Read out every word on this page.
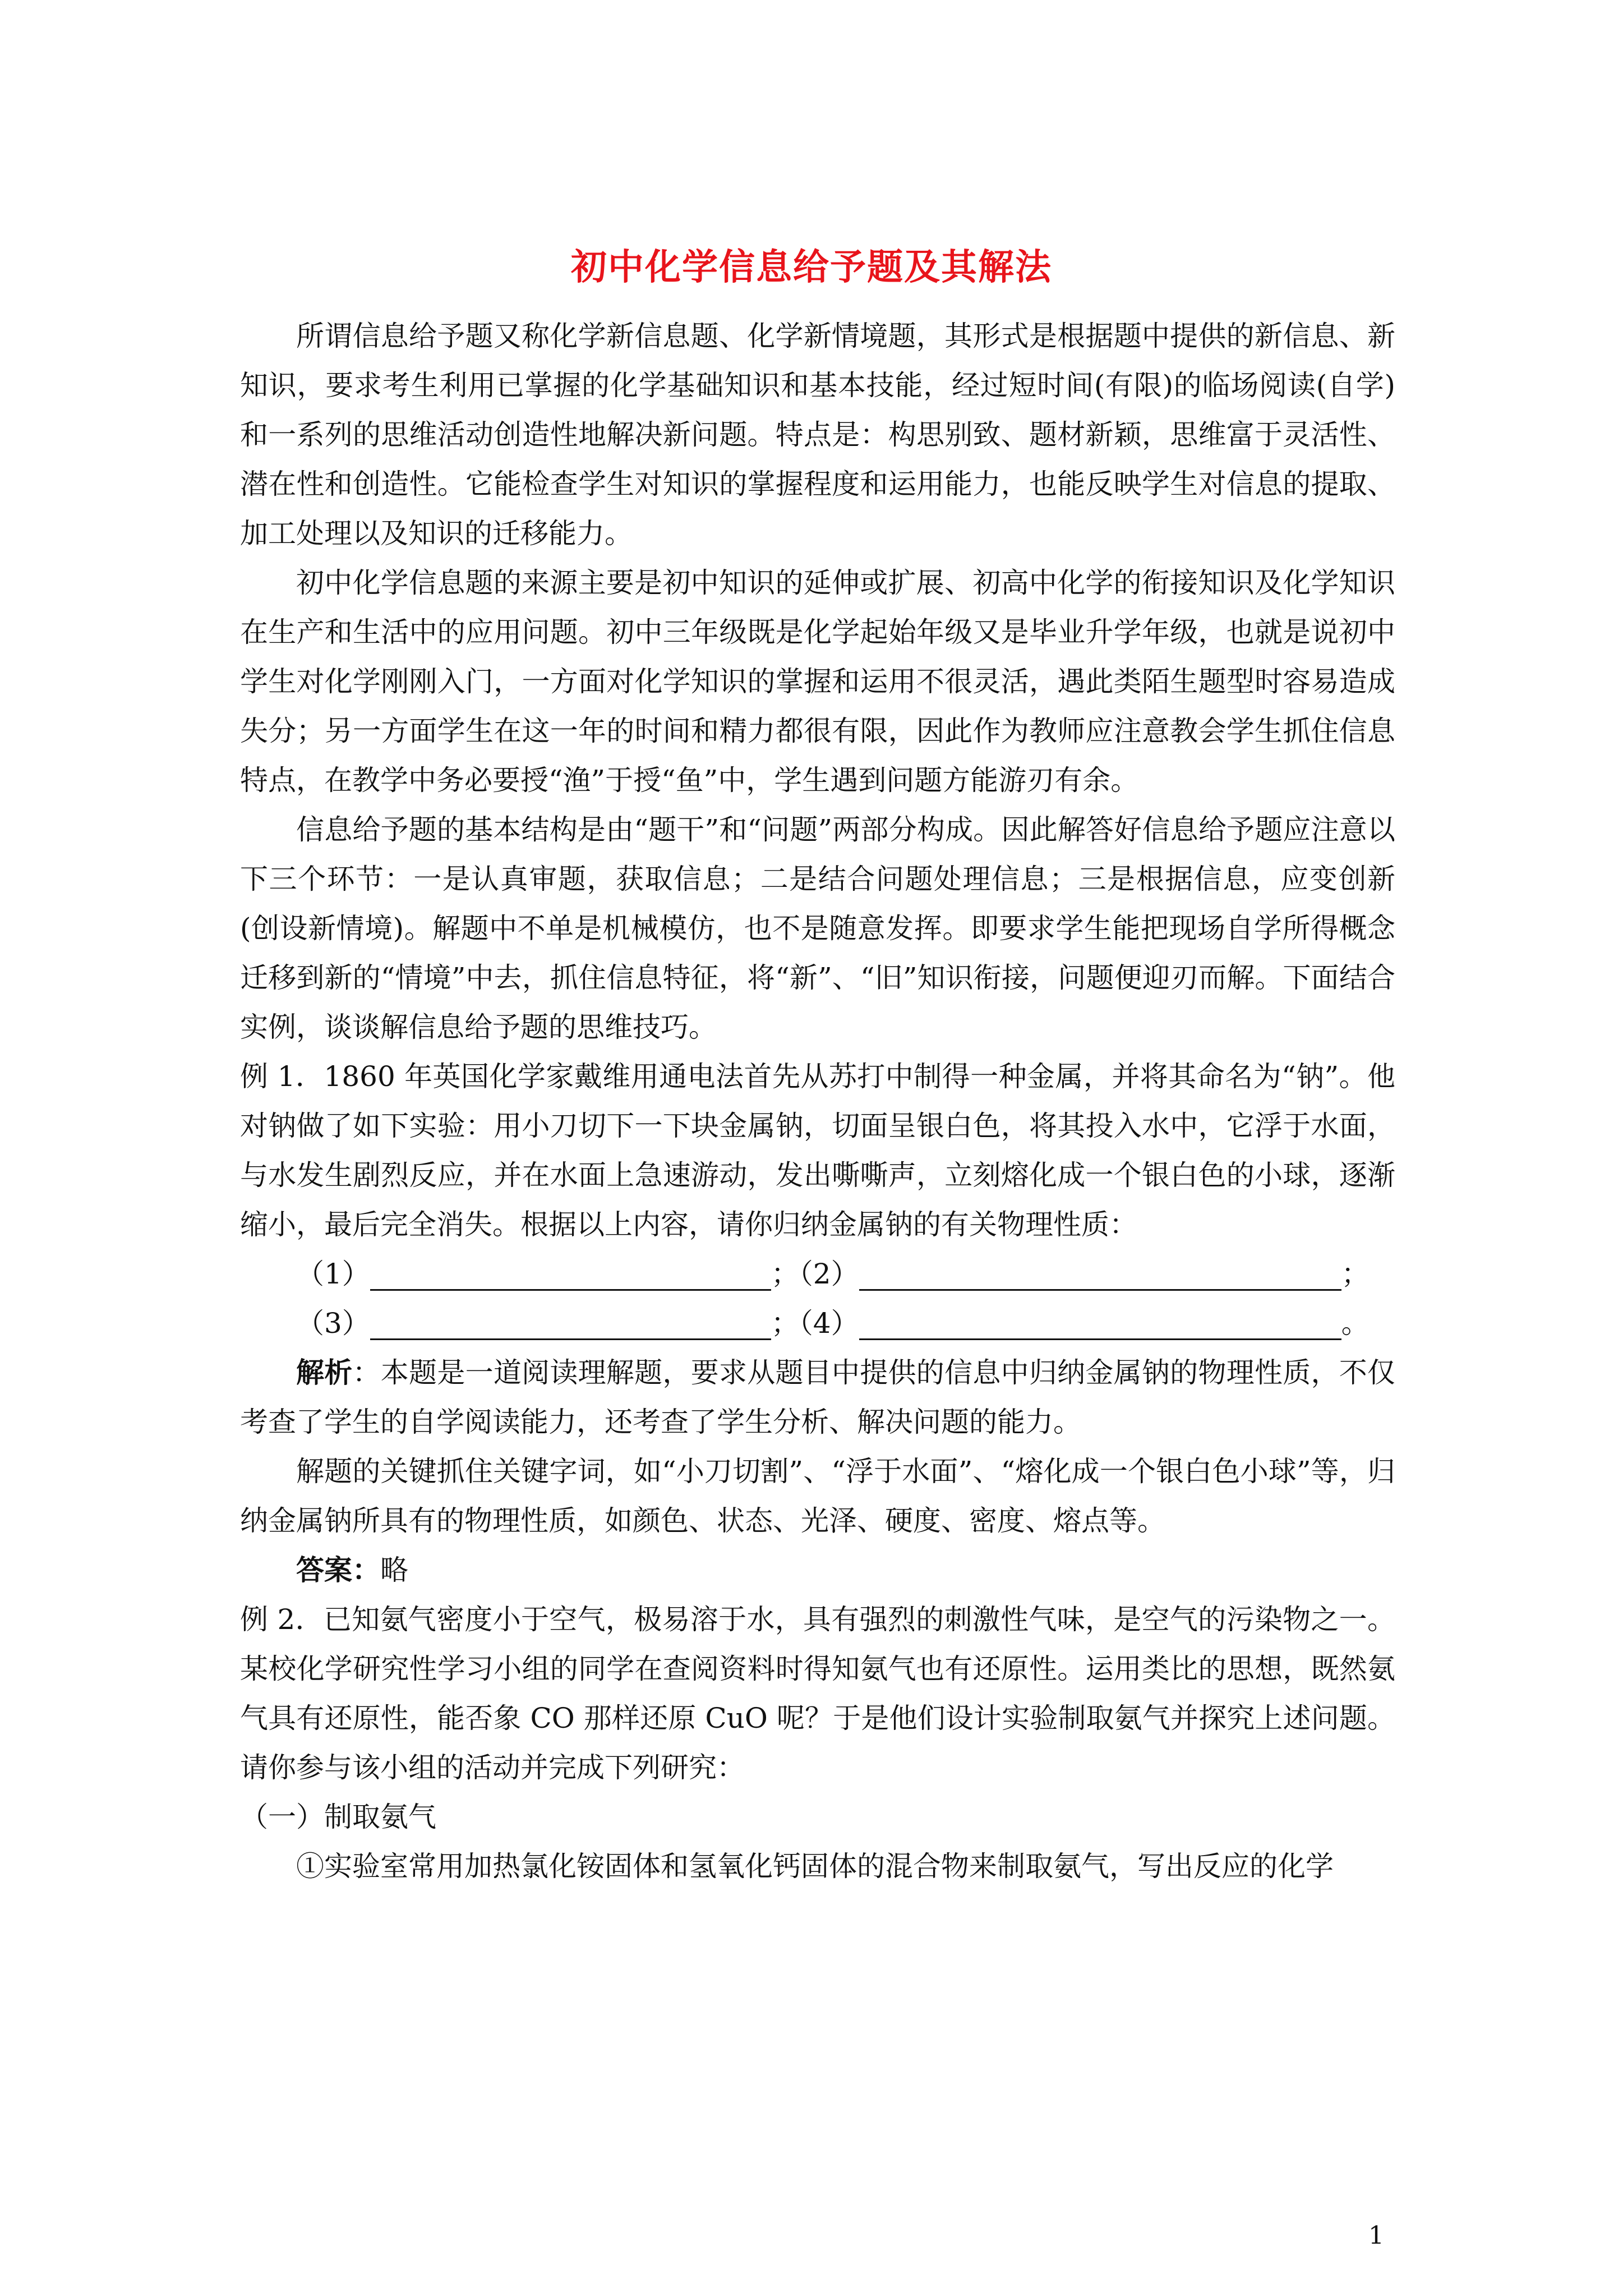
初中化学信息给予题及其解法

所谓信息给予题又称化学新信息题、化学新情境题，其形式是根据题中提供的新信息、新知识，要求考生利用已掌握的化学基础知识和基本技能，经过短时间(有限)的临场阅读(自学)和一系列的思维活动创造性地解决新问题。特点是：构思别致、题材新颖，思维富于灵活性、潜在性和创造性。它能检查学生对知识的掌握程度和运用能力，也能反映学生对信息的提取、加工处理以及知识的迁移能力。

初中化学信息题的来源主要是初中知识的延伸或扩展、初高中化学的衔接知识及化学知识在生产和生活中的应用问题。初中三年级既是化学起始年级又是毕业升学年级，也就是说初中学生对化学刚刚入门，一方面对化学知识的掌握和运用不很灵活，遇此类陌生题型时容易造成失分；另一方面学生在这一年的时间和精力都很有限，因此作为教师应注意教会学生抓住信息特点，在教学中务必要授“渔”于授“鱼”中，学生遇到问题方能游刃有余。

信息给予题的基本结构是由“题干”和“问题”两部分构成。因此解答好信息给予题应注意以下三个环节：一是认真审题，获取信息；二是结合问题处理信息；三是根据信息，应变创新(创设新情境)。解题中不单是机械模仿，也不是随意发挥。即要求学生能把现场自学所得概念迁移到新的“情境”中去，抓住信息特征，将“新”、“旧”知识衔接，问题便迎刃而解。下面结合实例，谈谈解信息给予题的思维技巧。

例 1．1860 年英国化学家戴维用通电法首先从苏打中制得一种金属，并将其命名为“钠”。他对钠做了如下实验：用小刀切下一下块金属钠，切面呈银白色，将其投入水中，它浮于水面，与水发生剧烈反应，并在水面上急速游动，发出嘶嘶声，立刻熔化成一个银白色的小球，逐渐缩小，最后完全消失。根据以上内容，请你归纳金属钠的有关物理性质：

（1）	；（2）	；
（3）	；（4）	。

解析：本题是一道阅读理解题，要求从题目中提供的信息中归纳金属钠的物理性质，不仅考查了学生的自学阅读能力，还考查了学生分析、解决问题的能力。

解题的关键抓住关键字词，如“小刀切割”、“浮于水面”、“熔化成一个银白色小球”等，归纳金属钠所具有的物理性质，如颜色、状态、光泽、硬度、密度、熔点等。

答案：略

例 2．已知氨气密度小于空气，极易溶于水，具有强烈的刺激性气味，是空气的污染物之一。某校化学研究性学习小组的同学在查阅资料时得知氨气也有还原性。运用类比的思想，既然氨气具有还原性，能否象 CO 那样还原 CuO 呢？于是他们设计实验制取氨气并探究上述问题。请你参与该小组的活动并完成下列研究：

（一）制取氨气

①实验室常用加热氯化铵固体和氢氧化钙固体的混合物来制取氨气，写出反应的化学

1
